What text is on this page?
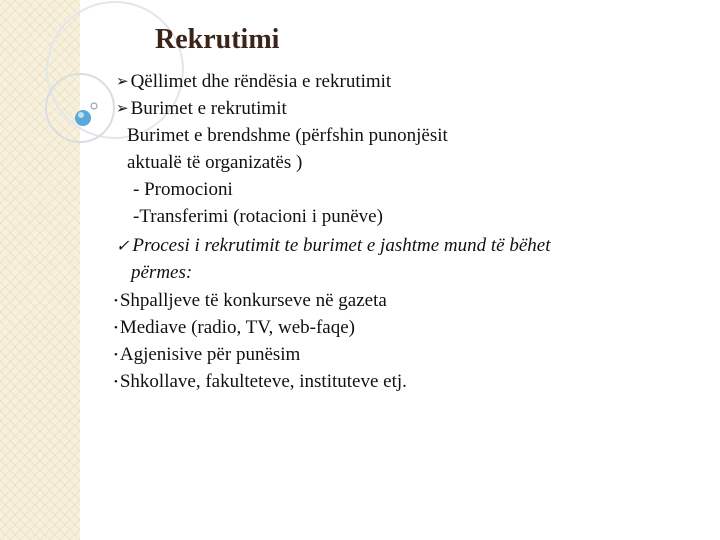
Rekrutimi
➢ Qëllimet dhe rëndësia e rekrutimit
➢ Burimet e rekrutimit
Burimet e brendshme (përfshin punonjësit
aktualë të organizatës )
- Promocioni
-Transferimi (rotacioni i punëve)
✓ Procesi i rekrutimit te burimet e jashtme mund të bëhet
përmes:
• Shpalljeve të konkurseve në gazeta
• Mediave (radio, TV, web-faqe)
• Agjenisive për punësim
• Shkollave, fakulteteve, instituteve etj.
